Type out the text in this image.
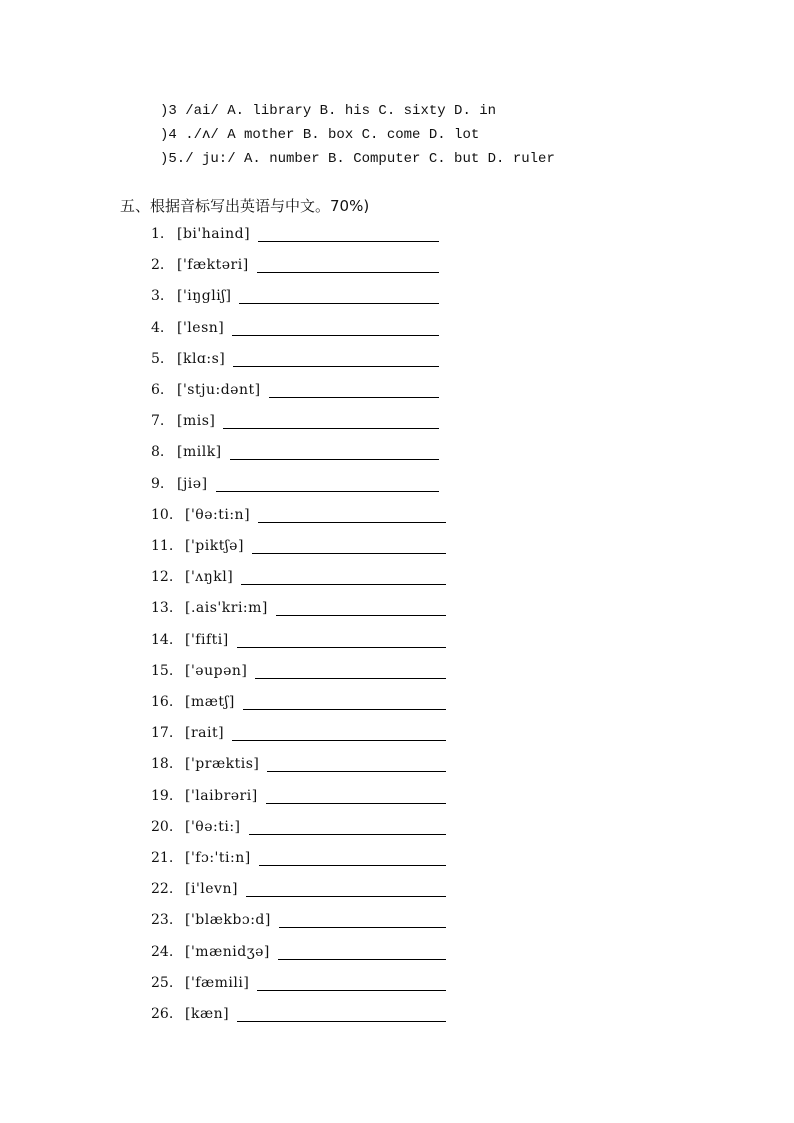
)3 /ai/ A. library B. his C. sixty D. in
)4 ./ʌ/ A mother B. box C. come D. lot
)5./ ju:/ A. number B. Computer C. but D. ruler
五、根据音标写出英语与中文。70%)
1. [bi'haind]
2. ['fæktəri]
3. ['iŋgliʃ]
4. ['lesn]
5. [klɑ:s]
6. ['stju:dənt]
7. [mis]
8. [milk]
9. [jiə]
10. ['θə:ti:n]
11. ['piktʃə]
12. ['ʌŋkl]
13. [.ais'kri:m]
14. ['fifti]
15. ['əupən]
16. [mætʃ]
17. [rait]
18. ['præktis]
19. ['laibrəri]
20. ['θə:ti:]
21. ['fɔ:'ti:n]
22. [i'levn]
23. ['blækbɔ:d]
24. ['mænidʒə]
25. ['fæmili]
26. [kæn]
